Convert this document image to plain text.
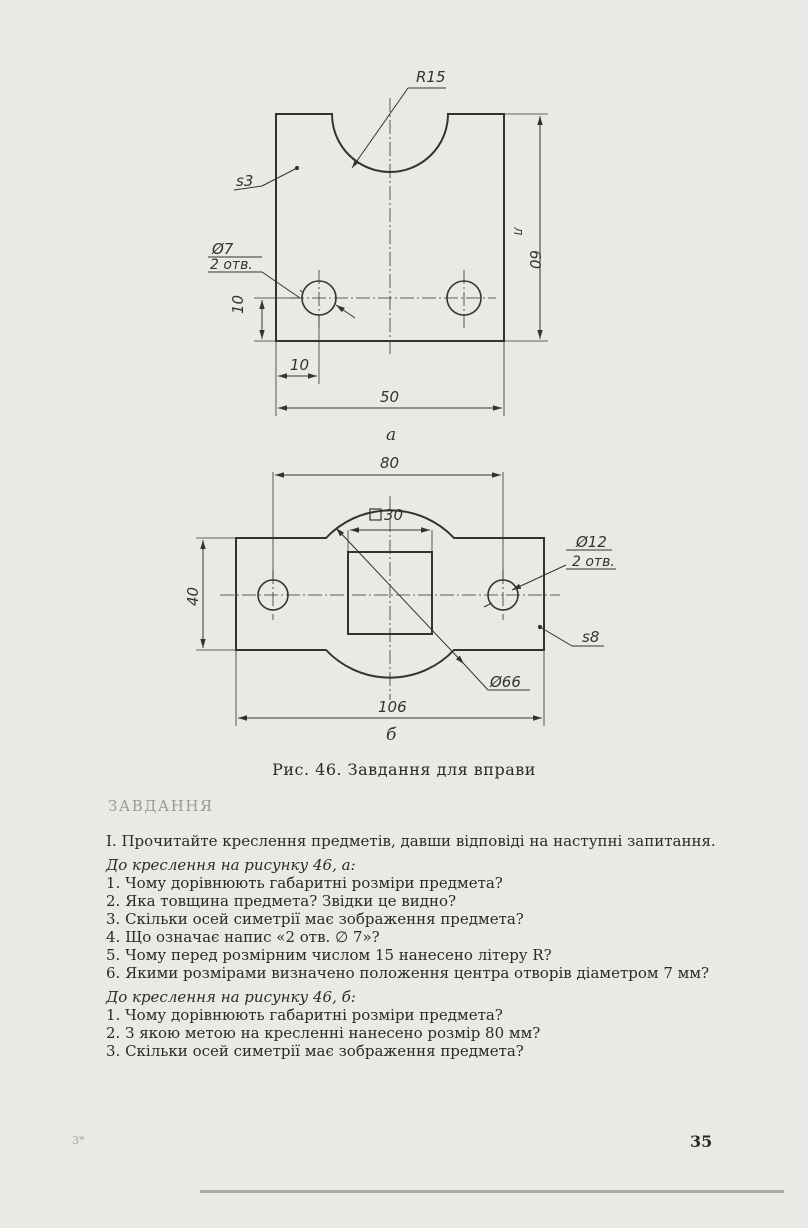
R15
s3
Ø7
2 отв.	60
Л
10
10
50
а
80
30
Ø12
2 отв.
40
s8
Ø66
106
б
Рис. 46. Завдання для вправи
ЗАВДАННЯ

І. Прочитайте креслення предметів, давши відповіді на наступні запитання.

До креслення на рисунку 46, а:

1. Чому дорівнюють габаритні розміри предмета?

2. Яка товщина предмета? Звідки це видно?

3. Скільки осей симетрії має зображення предмета?

4. Що означає напис «2 отв. ∅ 7»?

5. Чому перед розмірним числом 15 нанесено літеру R?

6. Якими розмірами визначено положення центра отворів діаметром 7 мм?

До креслення на рисунку 46, б:

1. Чому дорівнюють габаритні розміри предмета?

2. З якою метою на кресленні нанесено розмір 80 мм?

3. Скільки осей симетрії має зображення предмета?

3*	35
